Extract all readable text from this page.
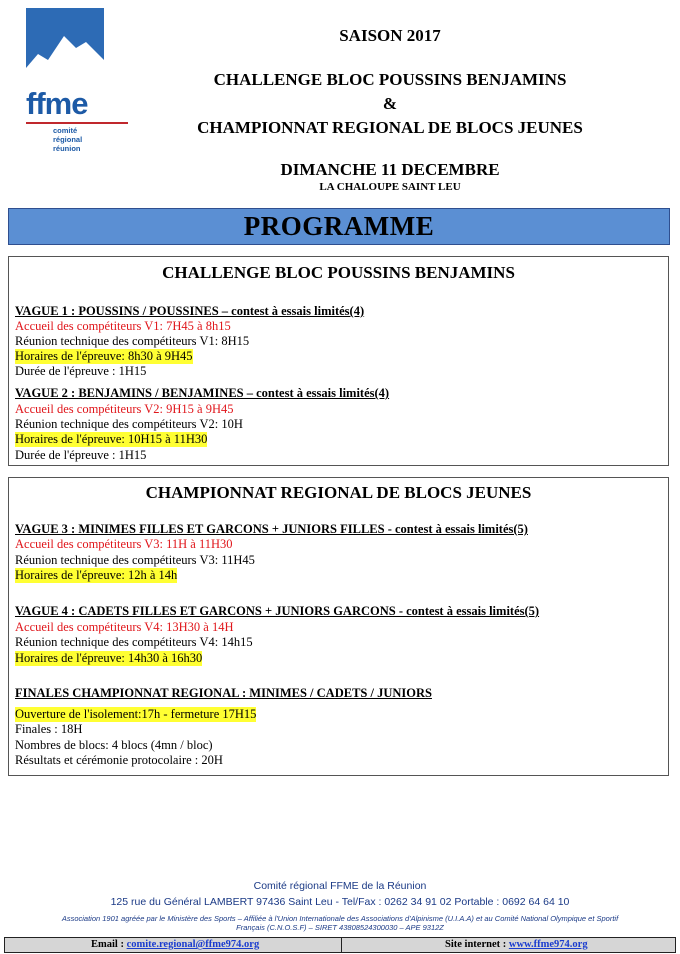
ffme
comité
régional
réunion
SAISON 2017
CHALLENGE BLOC POUSSINS BENJAMINS
&
CHAMPIONNAT REGIONAL DE BLOCS JEUNES
DIMANCHE 11 DECEMBRE
LA CHALOUPE SAINT LEU
PROGRAMME
CHALLENGE BLOC POUSSINS BENJAMINS
VAGUE 1 : POUSSINS / POUSSINES – contest à essais limités(4)
Accueil des compétiteurs V1: 7H45 à 8h15
Réunion technique des compétiteurs V1: 8H15
Horaires de l'épreuve: 8h30 à 9H45
Durée de l'épreuve : 1H15
VAGUE 2 : BENJAMINS / BENJAMINES – contest à essais limités(4)
Accueil des compétiteurs V2: 9H15 à 9H45
Réunion technique des compétiteurs V2: 10H
Horaires de l'épreuve: 10H15 à 11H30
Durée de l'épreuve : 1H15
CHAMPIONNAT REGIONAL DE BLOCS JEUNES
VAGUE 3 : MINIMES FILLES ET GARCONS + JUNIORS FILLES - contest à essais limités(5)
Accueil des compétiteurs V3: 11H à 11H30
Réunion technique des compétiteurs V3: 11H45
Horaires de l'épreuve: 12h à 14h
VAGUE 4 : CADETS FILLES ET GARCONS + JUNIORS GARCONS - contest à essais limités(5)
Accueil des compétiteurs V4: 13H30 à 14H
Réunion technique des compétiteurs V4: 14h15
Horaires de l'épreuve: 14h30 à 16h30
FINALES CHAMPIONNAT REGIONAL : MINIMES / CADETS / JUNIORS
Ouverture de l'isolement:17h - fermeture 17H15
Finales : 18H
Nombres de blocs: 4 blocs (4mn / bloc)
Résultats et cérémonie protocolaire : 20H
Comité régional FFME de la Réunion
125 rue du Général LAMBERT 97436 Saint Leu - Tel/Fax : 0262 34 91 02 Portable : 0692 64 64 10
Association 1901 agréée par le Ministère des Sports – Affiliée à l'Union Internationale des Associations d'Alpinisme (U.I.A.A) et au Comité National Olympique et Sportif
Français (C.N.O.S.F) – SIRET 43808524300030 – APE 9312Z
Email : comite.regional@ffme974.org	Site internet : www.ffme974.org
